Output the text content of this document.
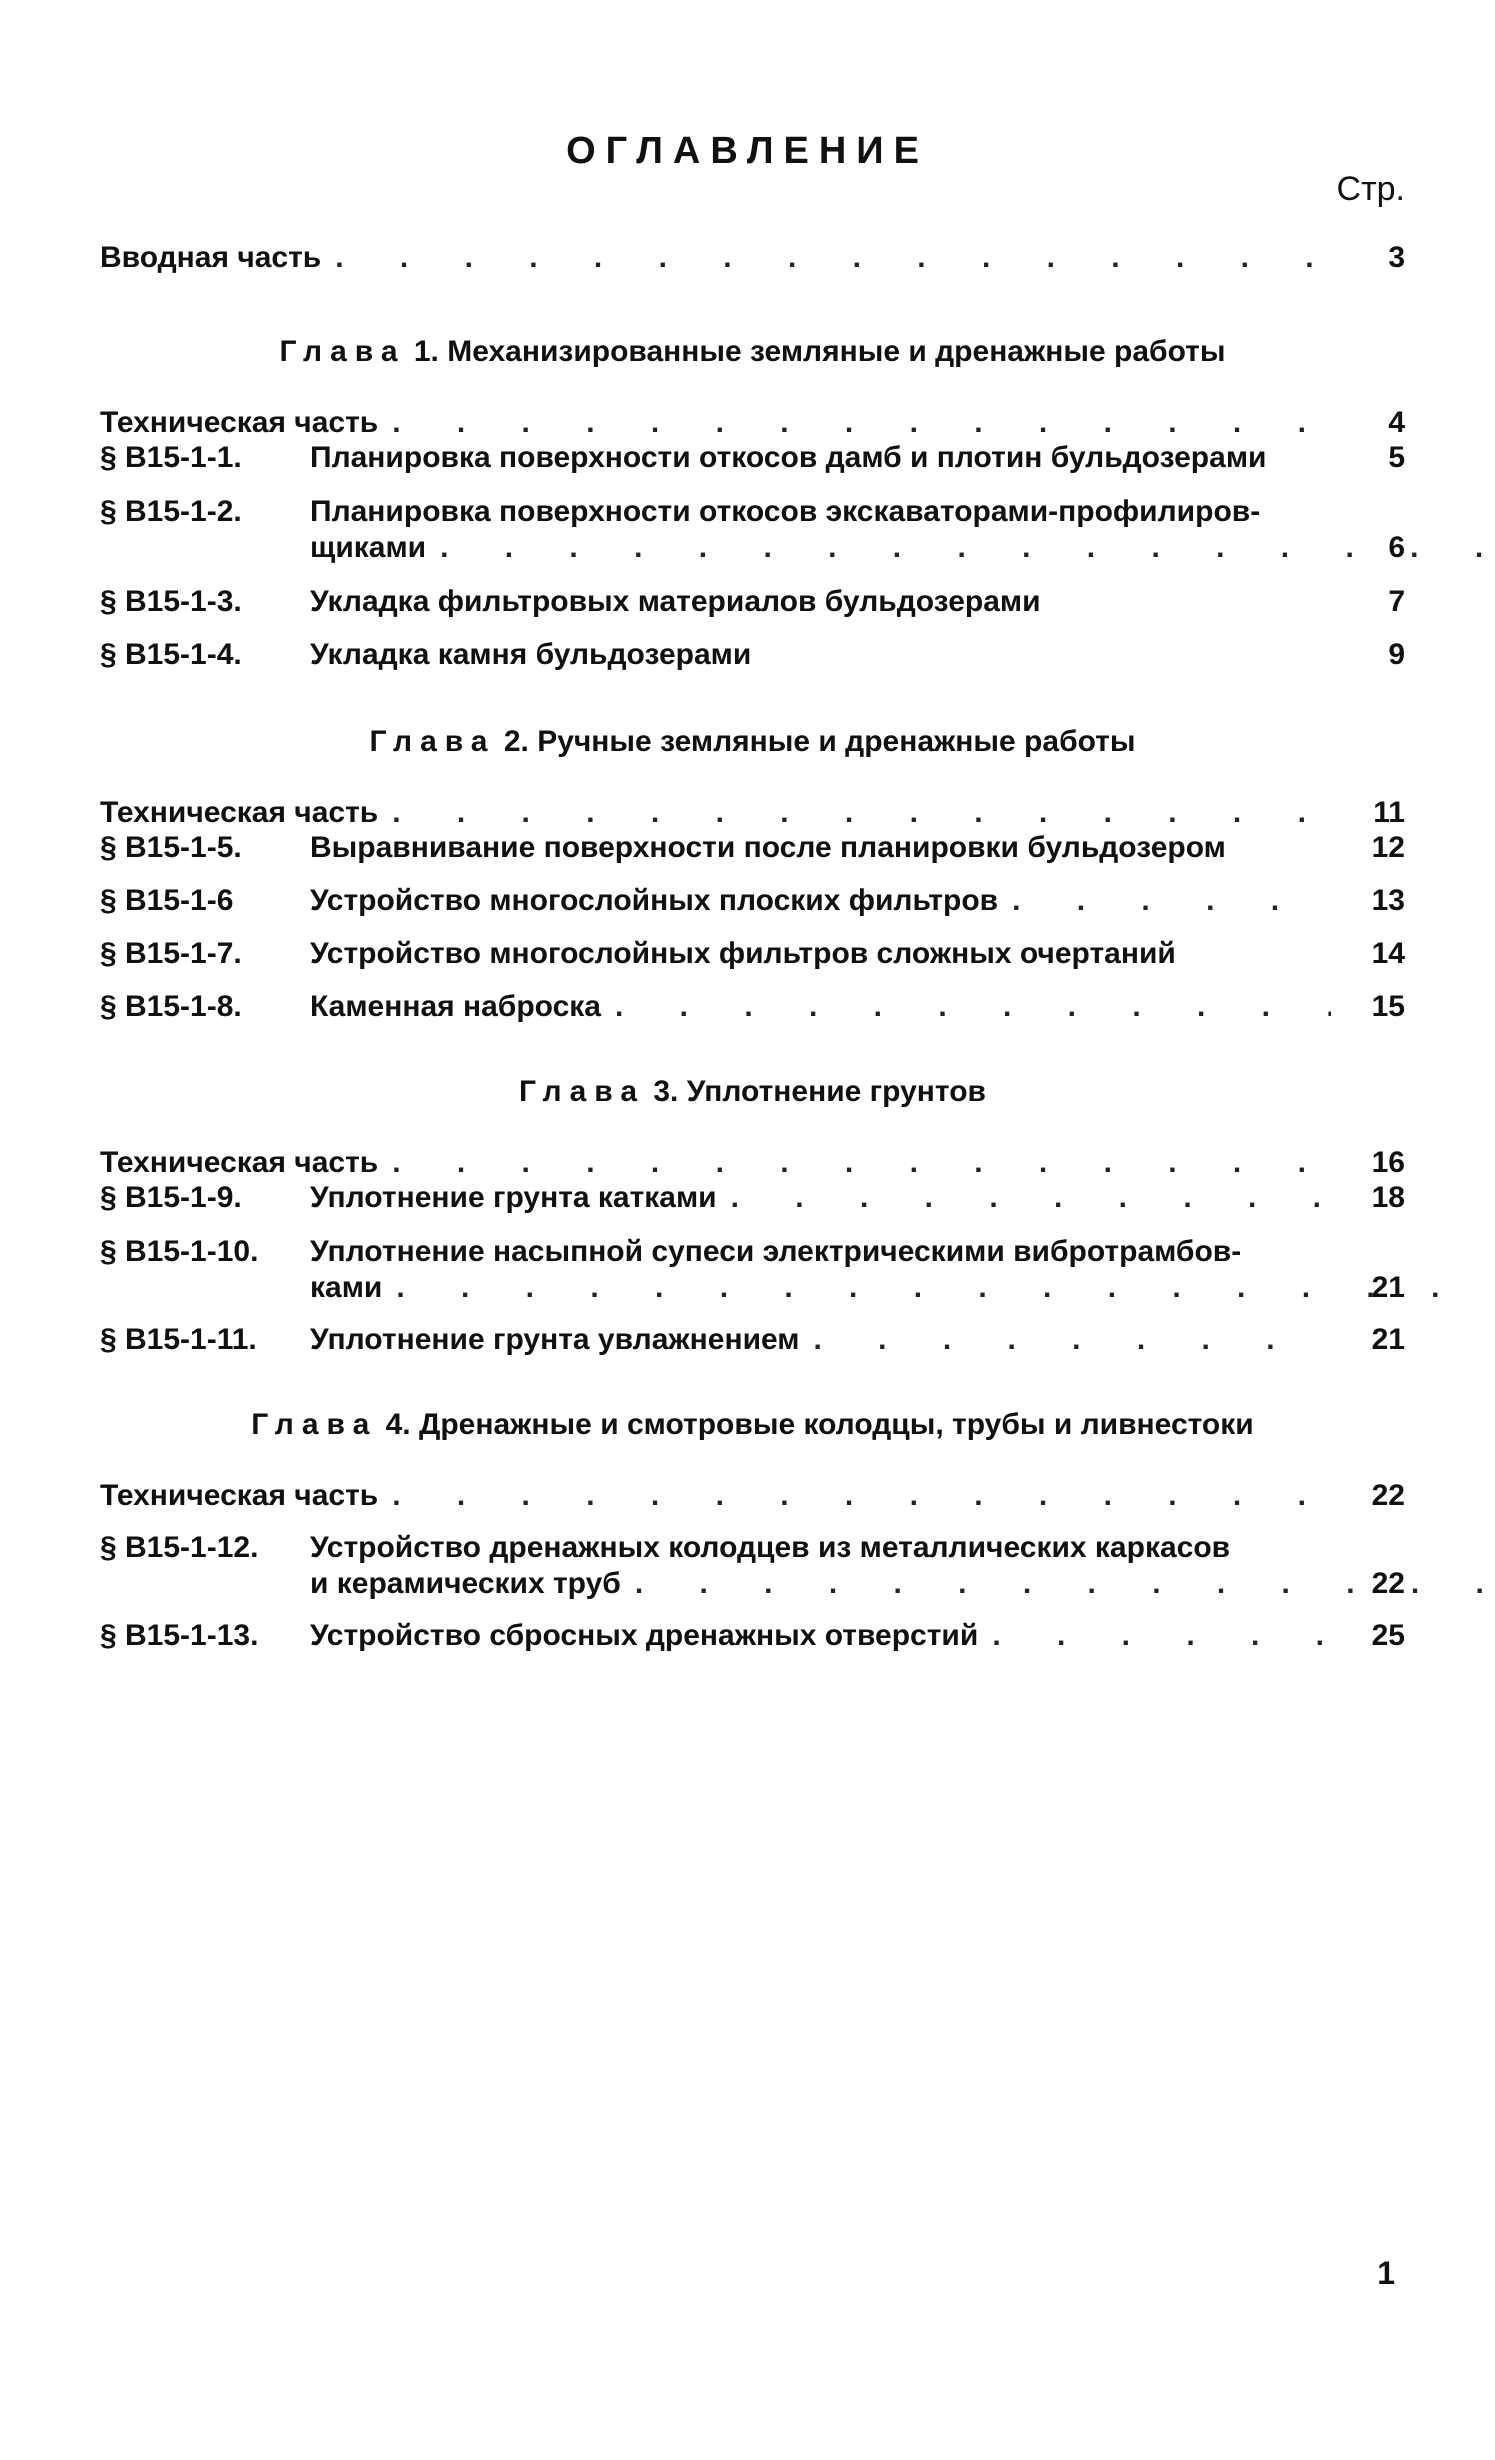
ОГЛАВЛЕНИЕ
Стр.
Вводная часть . . .	3
Глава 1. Механизированные земляные и дренажные работы
Техническая часть . . .	4
§ В15-1-1.	Планировка поверхности откосов дамб и плотин бульдозерами	5
§ В15-1-2.	Планировка поверхности откосов экскаваторами-профилиров-
щиками . . .	6
§ В15-1-3.	Укладка фильтровых материалов бульдозерами	7
§ В15-1-4.	Укладка камня бульдозерами	9
Глава 2. Ручные земляные и дренажные работы
Техническая часть . . .	11
§ В15-1-5.	Выравнивание поверхности после планировки бульдозером	12
§ В15-1-6	Устройство многослойных плоских фильтров . . .	13
§ В15-1-7.	Устройство многослойных фильтров сложных очертаний	14
§ В15-1-8.	Каменная наброска . . .	15
Глава 3. Уплотнение грунтов
Техническая часть . . .	16
§ В15-1-9.	Уплотнение грунта катками . . .	18
§ В15-1-10.	Уплотнение насыпной супеси электрическими вибротрамбов-
ками . . .	21
§ В15-1-11.	Уплотнение грунта увлажнением . . .	21
Глава 4. Дренажные и смотровые колодцы, трубы и ливнестоки
Техническая часть . . .	22
§ В15-1-12.	Устройство дренажных колодцев из металлических каркасов
и керамических труб . . .	22
§ В15-1-13.	Устройство сбросных дренажных отверстий . . .	25
1
